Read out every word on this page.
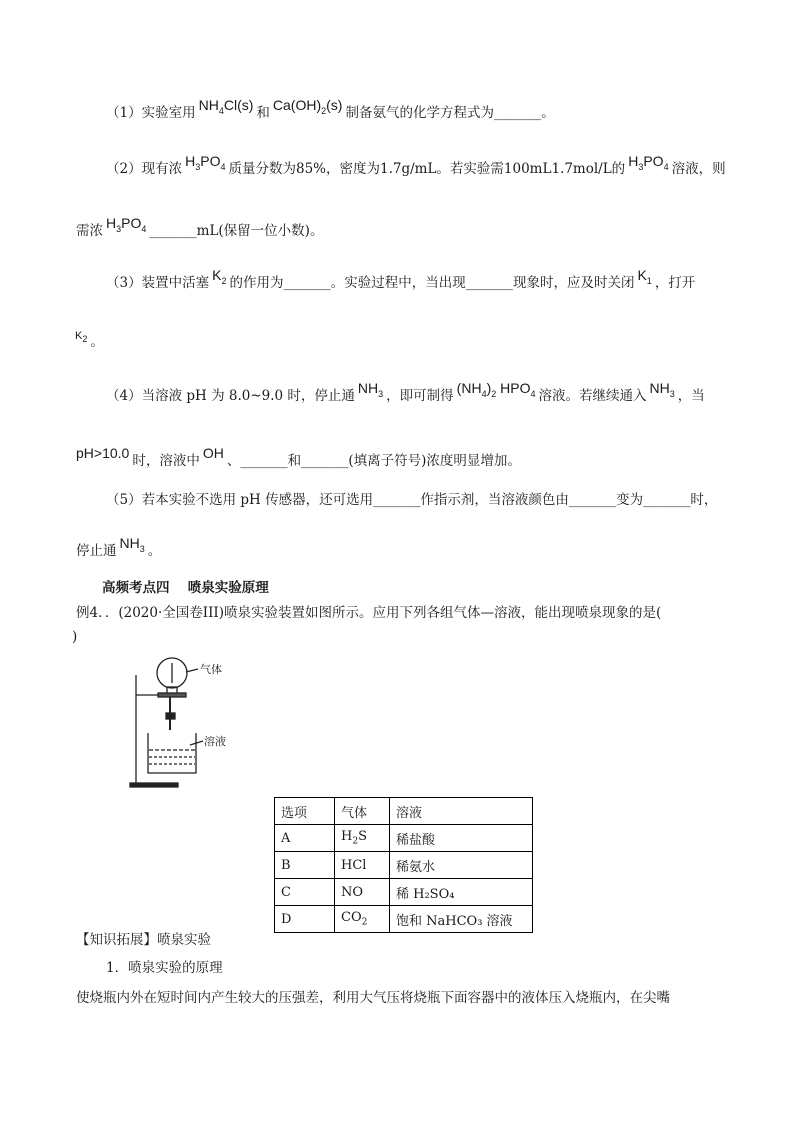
（1）实验室用 $NH_4Cl(s)$ 和 $Ca(OH)_2(s)$ 制备氨气的化学方程式为_______。
（2）现有浓 $H_3PO_4$ 质量分数为85%，密度为1.7g/mL。若实验需100mL1.7mol/L的 $H_3PO_4$ 溶液，则
需浓 $H_3PO_4$ _______mL(保留一位小数)。
（3）装置中活塞 $K_2$ 的作用为_______。实验过程中，当出现_______现象时，应及时关闭 $K_1$ ，打开
$^{K_2}$ 。
（4）当溶液 pH 为 8.0~9.0 时，停止通 $NH_3$ ，即可制得 $(NH_4)_2$ $HPO_4$ 溶液。若继续通入 $NH_3$ ，当
pH>10.0 时，溶液中 OH 、_______和_______(填离子符号)浓度明显增加。
（5）若本实验不选用 pH 传感器，还可选用_______作指示剂，当溶液颜色由_______变为_______时，
停止通 $NH_3$ 。
高频考点四　 喷泉实验原理
例4．．(2020·全国卷III)喷泉实验装置如图所示。应用下列各组气体—溶液，能出现喷泉现象的是(
)
气体
溶液
选项	气体	溶液
A	$H_2S$	稀盐酸
B	HCl	稀氨水
C	NO	稀 H₂SO₄
D	$CO_2$	饱和 NaHCO₃ 溶液
【知识拓展】喷泉实验
1．喷泉实验的原理
使烧瓶内外在短时间内产生较大的压强差，利用大气压将烧瓶下面容器中的液体压入烧瓶内，在尖嘴
